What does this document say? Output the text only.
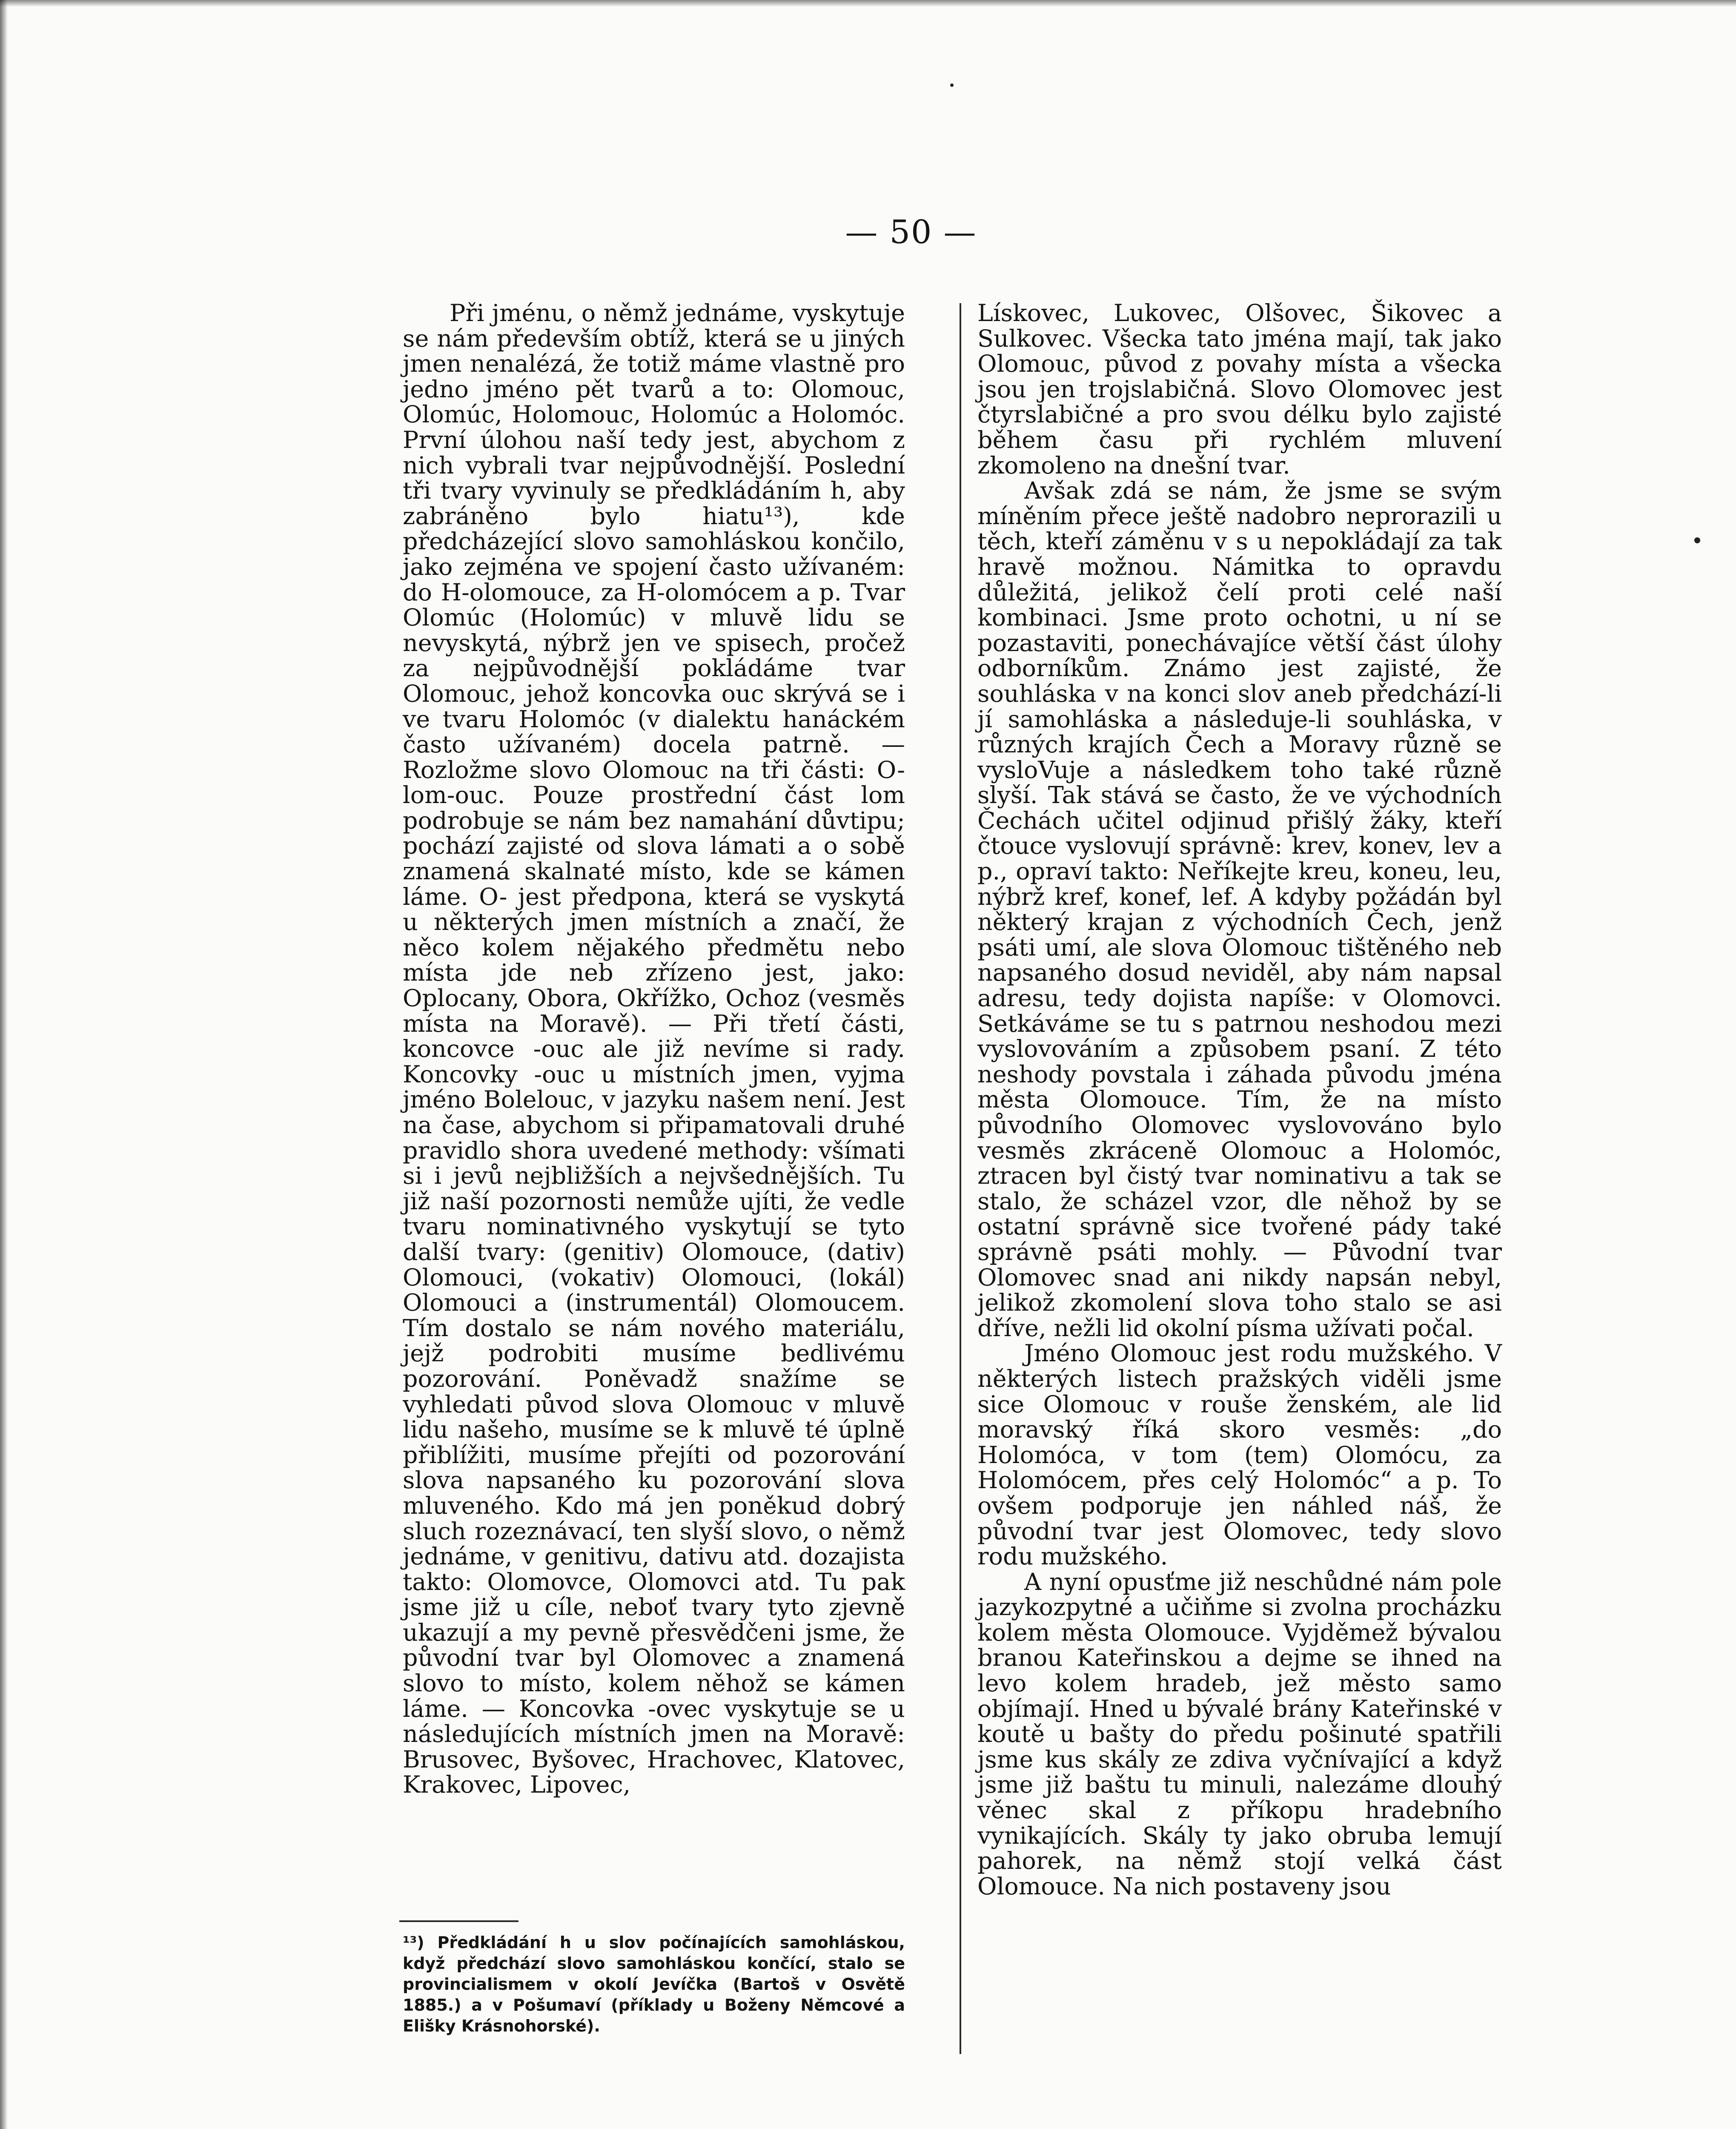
— 50 —

Při jménu, o němž jednáme, vyskytuje se nám především obtíž, která se u jiných jmen nenalézá, že totiž máme vlastně pro jedno jméno pět tvarů a to: Olomouc, Olomúc, Holomouc, Holomúc a Holomóc. První úlohou naší tedy jest, abychom z nich vybrali tvar nejpůvodnější. Poslední tři tvary vyvinuly se předkládáním h, aby zabráněno bylo hiatu¹³), kde předcházející slovo samohláskou končilo, jako zejména ve spojení často užívaném: do H-olomouce, za H-olomócem a p. Tvar Olomúc (Holomúc) v mluvě lidu se nevyskytá, nýbrž jen ve spisech, pročež za nejpůvodnější pokládáme tvar Olomouc, jehož koncovka ouc skrývá se i ve tvaru Holomóc (v dialektu hanáckém často užívaném) docela patrně. — Rozložme slovo Olomouc na tři části: O-lom-ouc. Pouze prostřední část lom podrobuje se nám bez namahání důvtipu; pochází zajisté od slova lámati a o sobě znamená skalnaté místo, kde se kámen láme. O- jest předpona, která se vyskytá u některých jmen místních a značí, že něco kolem nějakého předmětu nebo místa jde neb zřízeno jest, jako: Oplocany, Obora, Okřížko, Ochoz (vesměs místa na Moravě). — Při třetí části, koncovce -ouc ale již nevíme si rady. Koncovky -ouc u místních jmen, vyjma jméno Bolelouc, v jazyku našem není. Jest na čase, abychom si připamatovali druhé pravidlo shora uvedené methody: všímati si i jevů nejbližších a nejvšednějších. Tu již naší pozornosti nemůže ujíti, že vedle tvaru nominativného vyskytují se tyto další tvary: (genitiv) Olomouce, (dativ) Olomouci, (vokativ) Olomouci, (lokál) Olomouci a (instrumentál) Olomoucem. Tím dostalo se nám nového materiálu, jejž podrobiti musíme bedlivému pozorování. Poněvadž snažíme se vyhledati původ slova Olomouc v mluvě lidu našeho, musíme se k mluvě té úplně přiblížiti, musíme přejíti od pozorování slova napsaného ku pozorování slova mluveného. Kdo má jen poněkud dobrý sluch rozeznávací, ten slyší slovo, o němž jednáme, v genitivu, dativu atd. dozajista takto: Olomovce, Olomovci atd. Tu pak jsme již u cíle, neboť tvary tyto zjevně ukazují a my pevně přesvědčeni jsme, že původní tvar byl Olomovec a znamená slovo to místo, kolem něhož se kámen láme. — Koncovka -ovec vyskytuje se u následujících místních jmen na Moravě: Brusovec, Byšovec, Hrachovec, Klatovec, Krakovec, Lipovec,

Lískovec, Lukovec, Olšovec, Šikovec a Sulkovec. Všecka tato jména mají, tak jako Olomouc, původ z povahy místa a všecka jsou jen trojslabičná. Slovo Olomovec jest čtyrslabičné a pro svou délku bylo zajisté během času při rychlém mluvení zkomoleno na dnešní tvar.

Avšak zdá se nám, že jsme se svým míněním přece ještě nadobro neprorazili u těch, kteří záměnu v s u nepokládají za tak hravě možnou. Námitka to opravdu důležitá, jelikož čelí proti celé naší kombinaci. Jsme proto ochotni, u ní se pozastaviti, ponechávajíce větší část úlohy odborníkům. Známo jest zajisté, že souhláska v na konci slov aneb předchází-li jí samohláska a následuje-li souhláska, v různých krajích Čech a Moravy různě se vysloVuje a následkem toho také různě slyší. Tak stává se často, že ve východních Čechách učitel odjinud přišlý žáky, kteří čtouce vyslovují správně: krev, konev, lev a p., opraví takto: Neříkejte kreu, koneu, leu, nýbrž kref, konef, lef. A kdyby požádán byl některý krajan z východních Čech, jenž psáti umí, ale slova Olomouc tištěného neb napsaného dosud neviděl, aby nám napsal adresu, tedy dojista napíše: v Olomovci. Setkáváme se tu s patrnou neshodou mezi vyslovováním a způsobem psaní. Z této neshody povstala i záhada původu jména města Olomouce. Tím, že na místo původního Olomovec vyslovováno bylo vesměs zkráceně Olomouc a Holomóc, ztracen byl čistý tvar nominativu a tak se stalo, že scházel vzor, dle něhož by se ostatní správně sice tvořené pády také správně psáti mohly. — Původní tvar Olomovec snad ani nikdy napsán nebyl, jelikož zkomolení slova toho stalo se asi dříve, nežli lid okolní písma užívati počal.

Jméno Olomouc jest rodu mužského. V některých listech pražských viděli jsme sice Olomouc v rouše ženském, ale lid moravský říká skoro vesměs: „do Holomóca, v tom (tem) Olomócu, za Holomócem, přes celý Holomóc“ a p. To ovšem podporuje jen náhled náš, že původní tvar jest Olomovec, tedy slovo rodu mužského.

A nyní opusťme již neschůdné nám pole jazykozpytné a učiňme si zvolna procházku kolem města Olomouce. Vyjděmež bývalou branou Kateřinskou a dejme se ihned na levo kolem hradeb, jež město samo objímají. Hned u bývalé brány Kateřinské v koutě u bašty do předu pošinuté spatřili jsme kus skály ze zdiva vyčnívající a když jsme již baštu tu minuli, nalezáme dlouhý věnec skal z příkopu hradebního vynikajících. Skály ty jako obruba lemují pahorek, na němž stojí velká část Olomouce. Na nich postaveny jsou

¹³) Předkládání h u slov počínajících samohláskou, když předchází slovo samohláskou končící, stalo se provincialismem v okolí Jevíčka (Bartoš v Osvětě 1885.) a v Pošumaví (příklady u Boženy Němcové a Elišky Krásnohorské).
